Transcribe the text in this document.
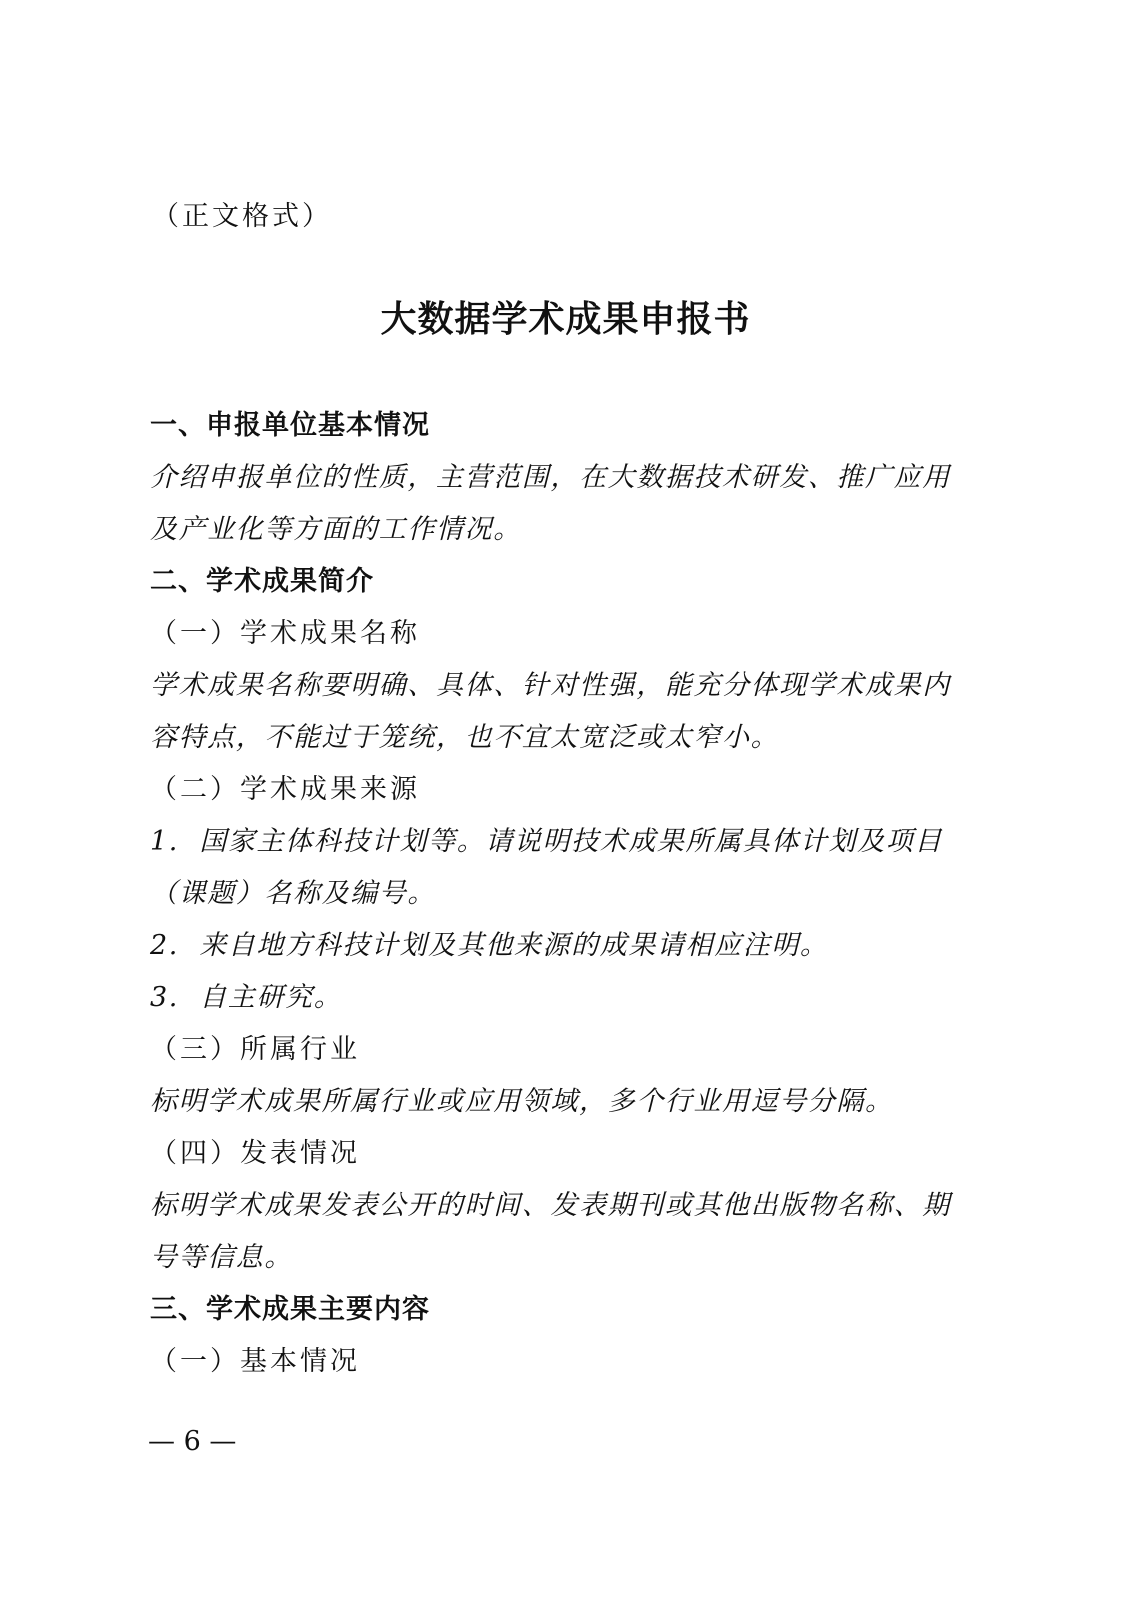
（正文格式）
大数据学术成果申报书
一、申报单位基本情况
介绍申报单位的性质，主营范围，在大数据技术研发、推广应用
及产业化等方面的工作情况。
二、学术成果简介
（一）学术成果名称
学术成果名称要明确、具体、针对性强，能充分体现学术成果内
容特点，不能过于笼统，也不宜太宽泛或太窄小。
（二）学术成果来源
1.  国家主体科技计划等。请说明技术成果所属具体计划及项目
（课题）名称及编号。
2.  来自地方科技计划及其他来源的成果请相应注明。
3.  自主研究。
（三）所属行业
标明学术成果所属行业或应用领域，多个行业用逗号分隔。
（四）发表情况
标明学术成果发表公开的时间、发表期刊或其他出版物名称、期
号等信息。
三、学术成果主要内容
（一）基本情况
— 6 —
